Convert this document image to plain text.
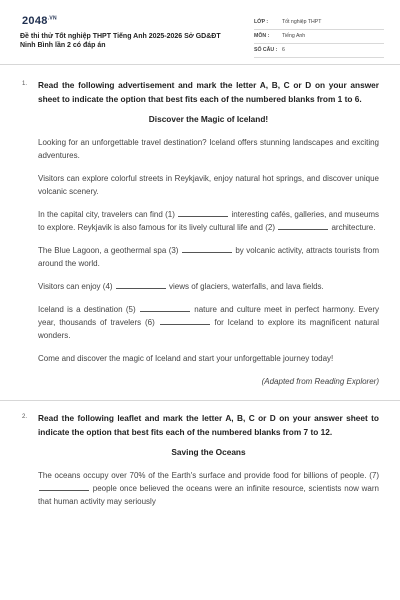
$2048^{.VN}$
Đề thi thử Tốt nghiệp THPT Tiếng Anh 2025-2026 Sở GD&ĐT Ninh Bình lần 2 có đáp án
LỚP :	Tốt nghiệp THPT
MÔN : Tiếng Anh
SỐ CÂU : 6
1. Read the following advertisement and mark the letter A, B, C or D on your answer sheet to indicate the option that best fits each of the numbered blanks from 1 to 6.
Discover the Magic of Iceland!

Looking for an unforgettable travel destination? Iceland offers stunning landscapes and exciting adventures.

Visitors can explore colorful streets in Reykjavik, enjoy natural hot springs, and discover unique volcanic scenery.

In the capital city, travelers can find (1)	interesting cafés, galleries, and museums to explore. Reykjavik is also famous for its lively cultural life and (2)	architecture.

The Blue Lagoon, a geothermal spa (3)	by volcanic activity, attracts tourists from around the world.

Visitors can enjoy (4)	views of glaciers, waterfalls, and lava fields.

Iceland is a destination (5)	nature and culture meet in perfect harmony. Every year, thousands of travelers (6)	for Iceland to explore its magnificent natural wonders.

Come and discover the magic of Iceland and start your unforgettable journey today!

(Adapted from Reading Explorer)

2. Read the following leaflet and mark the letter A, B, C or D on your answer sheet to indicate the option that best fits each of the numbered blanks from 7 to 12.
Saving the Oceans

The oceans occupy over 70% of the Earth's surface and provide food for billions of people. (7)  people once believed the oceans were an infinite resource, scientists now warn that human activity may seriously
